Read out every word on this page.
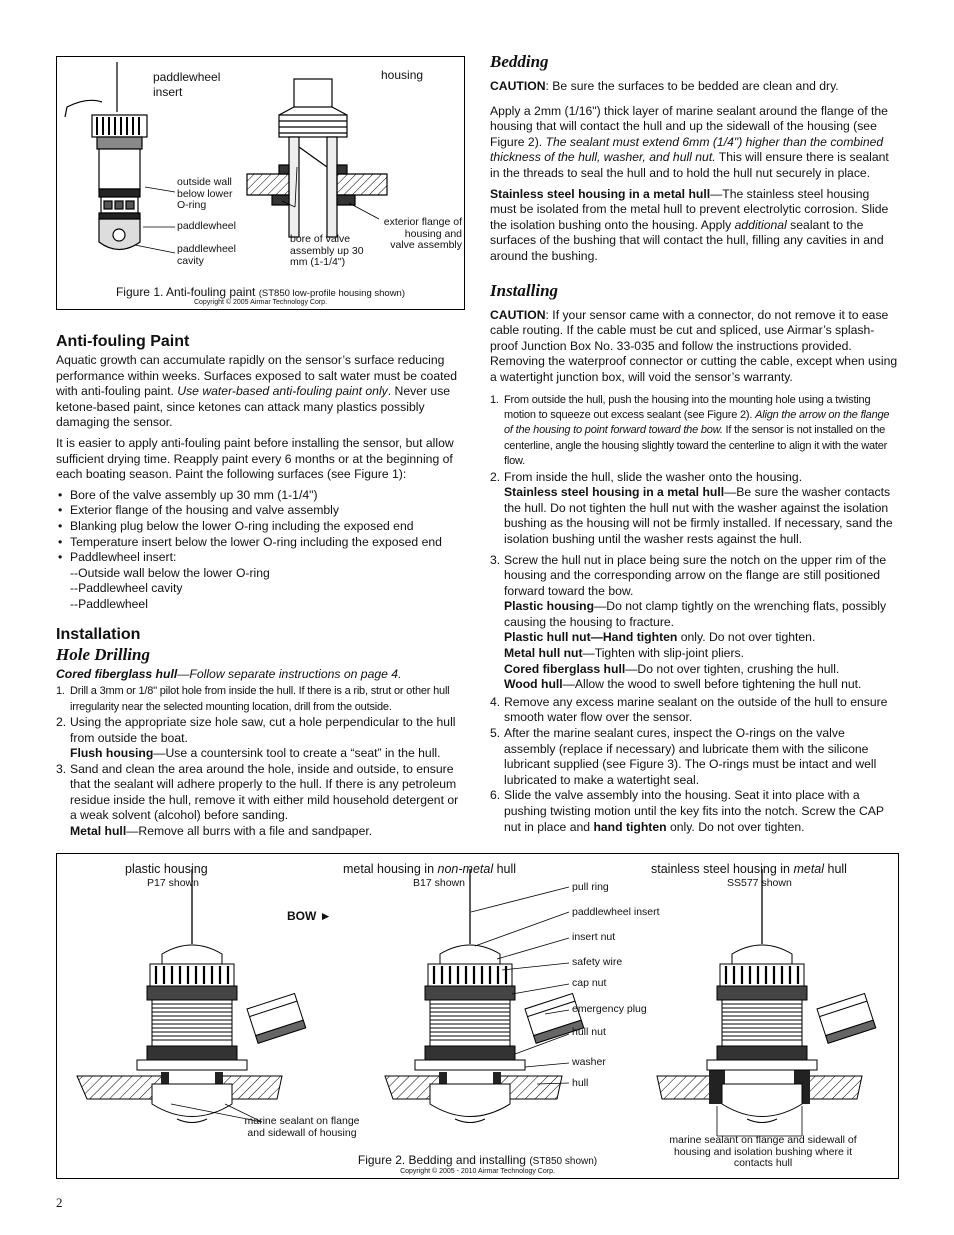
paddlewheel insert
housing
outside wall below lower O-ring
paddlewheel
paddlewheel cavity
bore of valve assembly up 30 mm (1-1/4")
exterior flange of housing and valve assembly
Figure 1. Anti-fouling paint (ST850 low-profile housing shown)
Copyright © 2005 Airmar Technology Corp.
Anti-fouling Paint

Aquatic growth can accumulate rapidly on the sensor’s surface reducing performance within weeks. Surfaces exposed to salt water must be coated with anti-fouling paint. Use water-based anti-fouling paint only. Never use ketone-based paint, since ketones can attack many plastics possibly damaging the sensor.

It is easier to apply anti-fouling paint before installing the sensor, but allow sufficient drying time. Reapply paint every 6 months or at the beginning of each boating season. Paint the following surfaces (see Figure 1):

• Bore of the valve assembly up 30 mm (1-1/4")
• Exterior flange of the housing and valve assembly
• Blanking plug below the lower O-ring including the exposed end
• Temperature insert below the lower O-ring including the exposed end
• Paddlewheel insert:
--Outside wall below the lower O-ring
--Paddlewheel cavity
--Paddlewheel
Installation
Hole Drilling

Cored fiberglass hull—Follow separate instructions on page 4.

1. Drill a 3mm or 1/8" pilot hole from inside the hull. If there is a rib, strut or other hull irregularity near the selected mounting location, drill from the outside.
2. Using the appropriate size hole saw, cut a hole perpendicular to the hull from outside the boat.
Flush housing—Use a countersink tool to create a “seat” in the hull.
3. Sand and clean the area around the hole, inside and outside, to ensure that the sealant will adhere properly to the hull. If there is any petroleum residue inside the hull, remove it with either mild household detergent or a weak solvent (alcohol) before sanding.
Metal hull—Remove all burrs with a file and sandpaper.
Bedding

CAUTION: Be sure the surfaces to be bedded are clean and dry.

Apply a 2mm (1/16") thick layer of marine sealant around the flange of the housing that will contact the hull and up the sidewall of the housing (see Figure 2). The sealant must extend 6mm (1/4") higher than the combined thickness of the hull, washer, and hull nut. This will ensure there is sealant in the threads to seal the hull and to hold the hull nut securely in place.

Stainless steel housing in a metal hull—The stainless steel housing must be isolated from the metal hull to prevent electrolytic corrosion. Slide the isolation bushing onto the housing. Apply additional sealant to the surfaces of the bushing that will contact the hull, filling any cavities in and around the bushing.

Installing

CAUTION: If your sensor came with a connector, do not remove it to ease cable routing. If the cable must be cut and spliced, use Airmar’s splash-proof Junction Box No. 33-035 and follow the instructions provided. Removing the waterproof connector or cutting the cable, except when using a watertight junction box, will void the sensor’s warranty.

1. From outside the hull, push the housing into the mounting hole using a twisting motion to squeeze out excess sealant (see Figure 2). Align the arrow on the flange of the housing to point forward toward the bow. If the sensor is not installed on the centerline, angle the housing slightly toward the centerline to align it with the water flow.
2. From inside the hull, slide the washer onto the housing.
Stainless steel housing in a metal hull—Be sure the washer contacts the hull. Do not tighten the hull nut with the washer against the isolation bushing as the housing will not be firmly installed. If necessary, sand the isolation bushing until the washer rests against the hull.
3. Screw the hull nut in place being sure the notch on the upper rim of the housing and the corresponding arrow on the flange are still positioned forward toward the bow.
Plastic housing—Do not clamp tightly on the wrenching flats, possibly causing the housing to fracture.
Plastic hull nut—Hand tighten only. Do not over tighten.
Metal hull nut—Tighten with slip-joint pliers.
Cored fiberglass hull—Do not over tighten, crushing the hull.
Wood hull—Allow the wood to swell before tightening the hull nut.
4. Remove any excess marine sealant on the outside of the hull to ensure smooth water flow over the sensor.
5. After the marine sealant cures, inspect the O-rings on the valve assembly (replace if necessary) and lubricate them with the silicone lubricant supplied (see Figure 3). The O-rings must be intact and well lubricated to make a watertight seal.
6. Slide the valve assembly into the housing. Seat it into place with a pushing twisting motion until the key fits into the notch. Screw the CAP nut in place and hand tighten only. Do not over tighten.
plastic housing
P17 shown
metal housing in non-metal hull
B17 shown
stainless steel housing in metal hull
SS577 shown
BOW ►
pull ring
paddlewheel insert
insert nut
safety wire
cap nut
emergency plug
hull nut
washer
hull
marine sealant on flange and sidewall of housing
marine sealant on flange and sidewall of housing and isolation bushing where it contacts hull
Figure 2. Bedding and installing (ST850 shown)
Copyright © 2005 - 2010 Airmar Technology Corp.
2
